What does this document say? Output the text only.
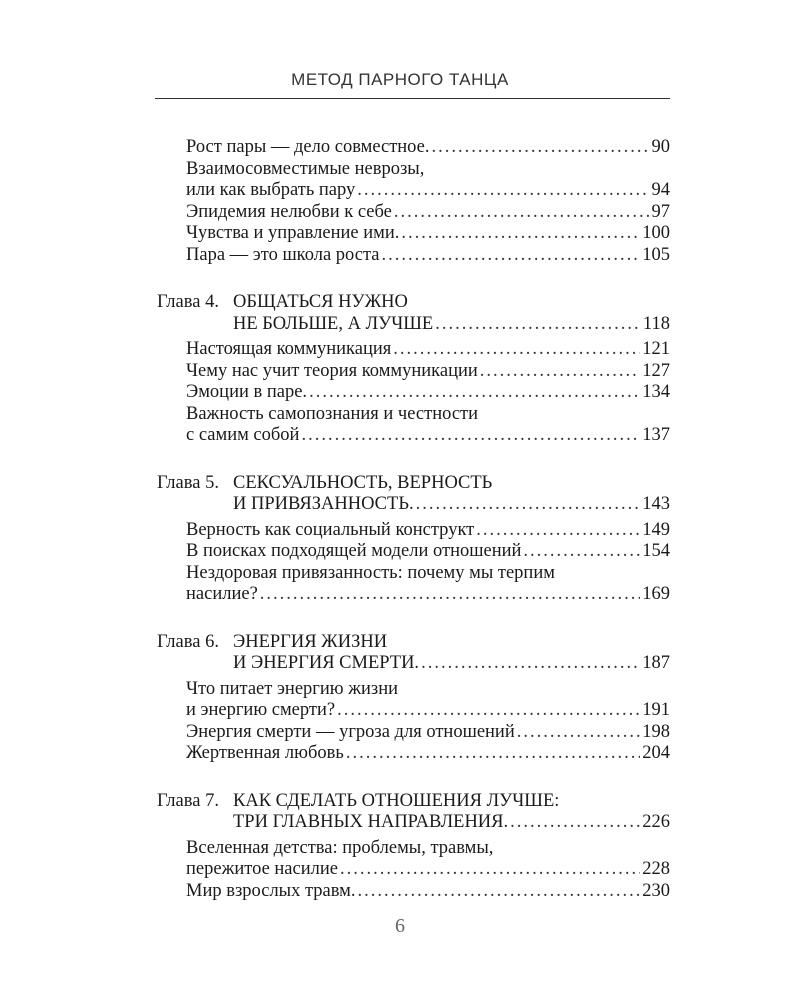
МЕТОД ПАРНОГО ТАНЦА
Рост пары — дело совместное. .....	90
Взаимосовместимые неврозы,
или как выбрать пару .....	94
Эпидемия нелюбви к себе .....	97
Чувства и управление ими. .....	100
Пара — это школа роста .....	105
Глава 4. ОБЩАТЬСЯ НУЖНО
НЕ БОЛЬШЕ, А ЛУЧШЕ .....	118
Настоящая коммуникация .....	121
Чему нас учит теория коммуникации .....	127
Эмоции в паре. .....	134
Важность самопознания и честности
с самим собой .....	137
Глава 5. СЕКСУАЛЬНОСТЬ, ВЕРНОСТЬ
И ПРИВЯЗАННОСТЬ. .....	143
Верность как социальный конструкт .....	149
В поисках подходящей модели отношений .....	154
Нездоровая привязанность: почему мы терпим
насилие? .....	169
Глава 6. ЭНЕРГИЯ ЖИЗНИ
И ЭНЕРГИЯ СМЕРТИ. .....	187
Что питает энергию жизни
и энергию смерти? .....	191
Энергия смерти — угроза для отношений .....	198
Жертвенная любовь .....	204
Глава 7. КАК СДЕЛАТЬ ОТНОШЕНИЯ ЛУЧШЕ:
ТРИ ГЛАВНЫХ НАПРАВЛЕНИЯ. .....	226
Вселенная детства: проблемы, травмы,
пережитое насилие .....	228
Мир взрослых травм. .....	230
6
